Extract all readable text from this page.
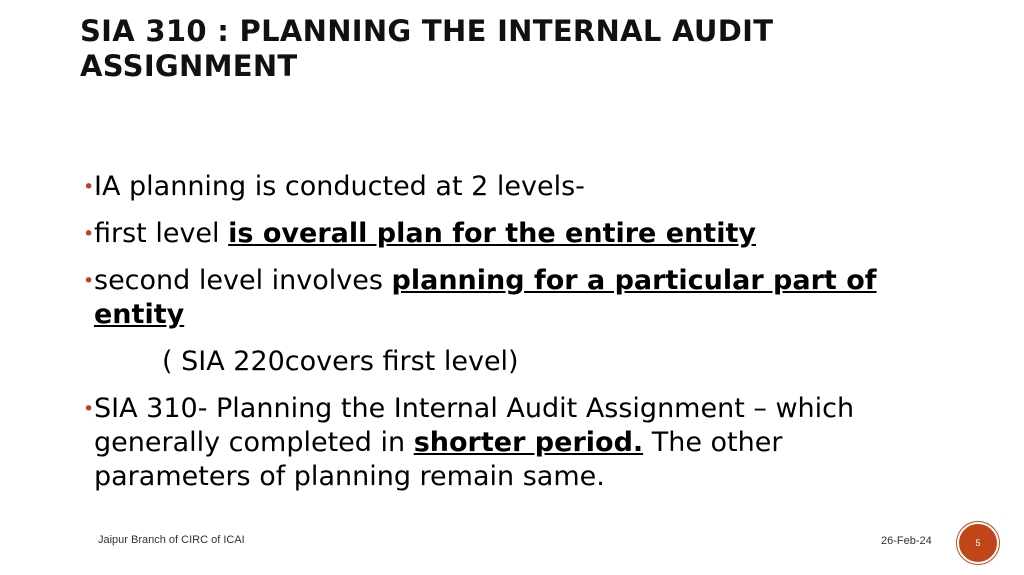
SIA 310 : PLANNING THE INTERNAL AUDIT ASSIGNMENT
• IA planning is conducted at 2 levels-
• first level is overall plan for the entire entity
• second level involves planning for a particular part of entity
( SIA 220covers first level)
• SIA 310- Planning the Internal Audit Assignment – which generally completed in shorter period. The other parameters of planning remain same.
Jaipur Branch of CIRC of ICAI	26-Feb-24	5
